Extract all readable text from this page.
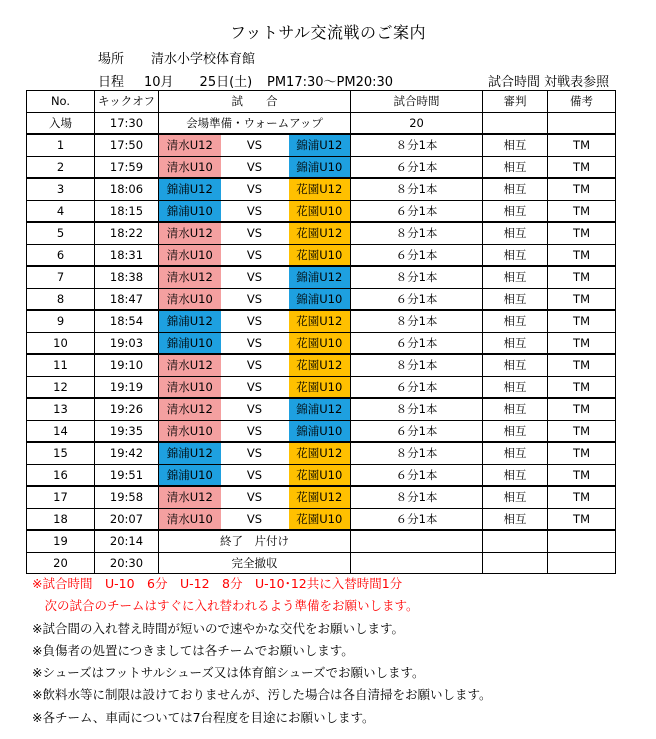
フットサル交流戦のご案内
場所 清水小学校体育館
日程 10月　　25日(土) PM17:30〜PM20:30	試合時間 対戦表参照
No.	キックオフ	試　　合			試合時間	審判	備考
入場	17:30	会場準備・ウォームアップ			20		
1	17:50	清水U12	VS	錦浦U12	８分1本	相互	TM
2	17:59	清水U10	VS	錦浦U10	６分1本	相互	TM
3	18:06	錦浦U12	VS	花園U12	８分1本	相互	TM
4	18:15	錦浦U10	VS	花園U10	６分1本	相互	TM
5	18:22	清水U12	VS	花園U12	８分1本	相互	TM
6	18:31	清水U10	VS	花園U10	６分1本	相互	TM
7	18:38	清水U12	VS	錦浦U12	８分1本	相互	TM
8	18:47	清水U10	VS	錦浦U10	６分1本	相互	TM
9	18:54	錦浦U12	VS	花園U12	８分1本	相互	TM
10	19:03	錦浦U10	VS	花園U10	６分1本	相互	TM
11	19:10	清水U12	VS	花園U12	８分1本	相互	TM
12	19:19	清水U10	VS	花園U10	６分1本	相互	TM
13	19:26	清水U12	VS	錦浦U12	８分1本	相互	TM
14	19:35	清水U10	VS	錦浦U10	６分1本	相互	TM
15	19:42	錦浦U12	VS	花園U12	８分1本	相互	TM
16	19:51	錦浦U10	VS	花園U10	６分1本	相互	TM
17	19:58	清水U12	VS	花園U12	８分1本	相互	TM
18	20:07	清水U10	VS	花園U10	６分1本	相互	TM
19	20:14	終了　片付け					
20	20:30	完全撤収					
※試合時間　U-10　6分　U-12　8分　U-10･12共に入替時間1分
　次の試合のチームはすぐに入れ替われるよう準備をお願いします。
※試合間の入れ替え時間が短いので速やかな交代をお願いします。
※負傷者の処置につきましては各チームでお願いします。
※シューズはフットサルシューズ又は体育館シューズでお願いします。
※飲料水等に制限は設けておりませんが、汚した場合は各自清掃をお願いします。
※各チーム、車両については7台程度を目途にお願いします。
